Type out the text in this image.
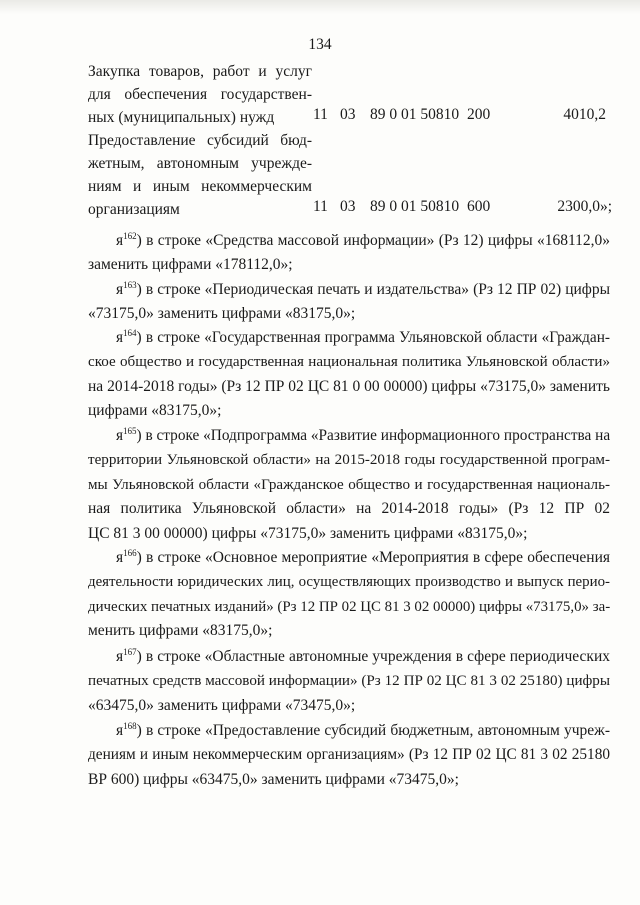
134
Закупка товаров, работ и услуг
для обеспечения государствен-
ных (муниципальных) нужд	11 03 89 0 01 50810 200	4010,2
Предоставление субсидий бюд-
жетным, автономным учрежде-
ниям и иным некоммерческим
организациям	11 03 89 0 01 50810 600	2300,0»;
$я^{162}$) в строке «Средства массовой информации» (Рз 12) цифры «168112,0»
заменить цифрами «178112,0»;
$я^{163}$) в строке «Периодическая печать и издательства» (Рз 12 ПР 02) цифры
«73175,0» заменить цифрами «83175,0»;
$я^{164}$) в строке «Государственная программа Ульяновской области «Граждан-
ское общество и государственная национальная политика Ульяновской области»
на 2014-2018 годы» (Рз 12 ПР 02 ЦС 81 0 00 00000) цифры «73175,0» заменить
цифрами «83175,0»;
$я^{165}$) в строке «Подпрограмма «Развитие информационного пространства на
территории Ульяновской области» на 2015-2018 годы государственной програм-
мы Ульяновской области «Гражданское общество и государственная националь-
ная политика Ульяновской области» на 2014-2018 годы» (Рз 12 ПР 02
ЦС 81 3 00 00000) цифры «73175,0» заменить цифрами «83175,0»;
$я^{166}$) в строке «Основное мероприятие «Мероприятия в сфере обеспечения
деятельности юридических лиц, осуществляющих производство и выпуск перио-
дических печатных изданий» (Рз 12 ПР 02 ЦС 81 3 02 00000) цифры «73175,0» за-
менить цифрами «83175,0»;
$я^{167}$) в строке «Областные автономные учреждения в сфере периодических
печатных средств массовой информации» (Рз 12 ПР 02 ЦС 81 3 02 25180) цифры
«63475,0» заменить цифрами «73475,0»;
$я^{168}$) в строке «Предоставление субсидий бюджетным, автономным учреж-
дениям и иным некоммерческим организациям» (Рз 12 ПР 02 ЦС 81 3 02 25180
ВР 600) цифры «63475,0» заменить цифрами «73475,0»;
